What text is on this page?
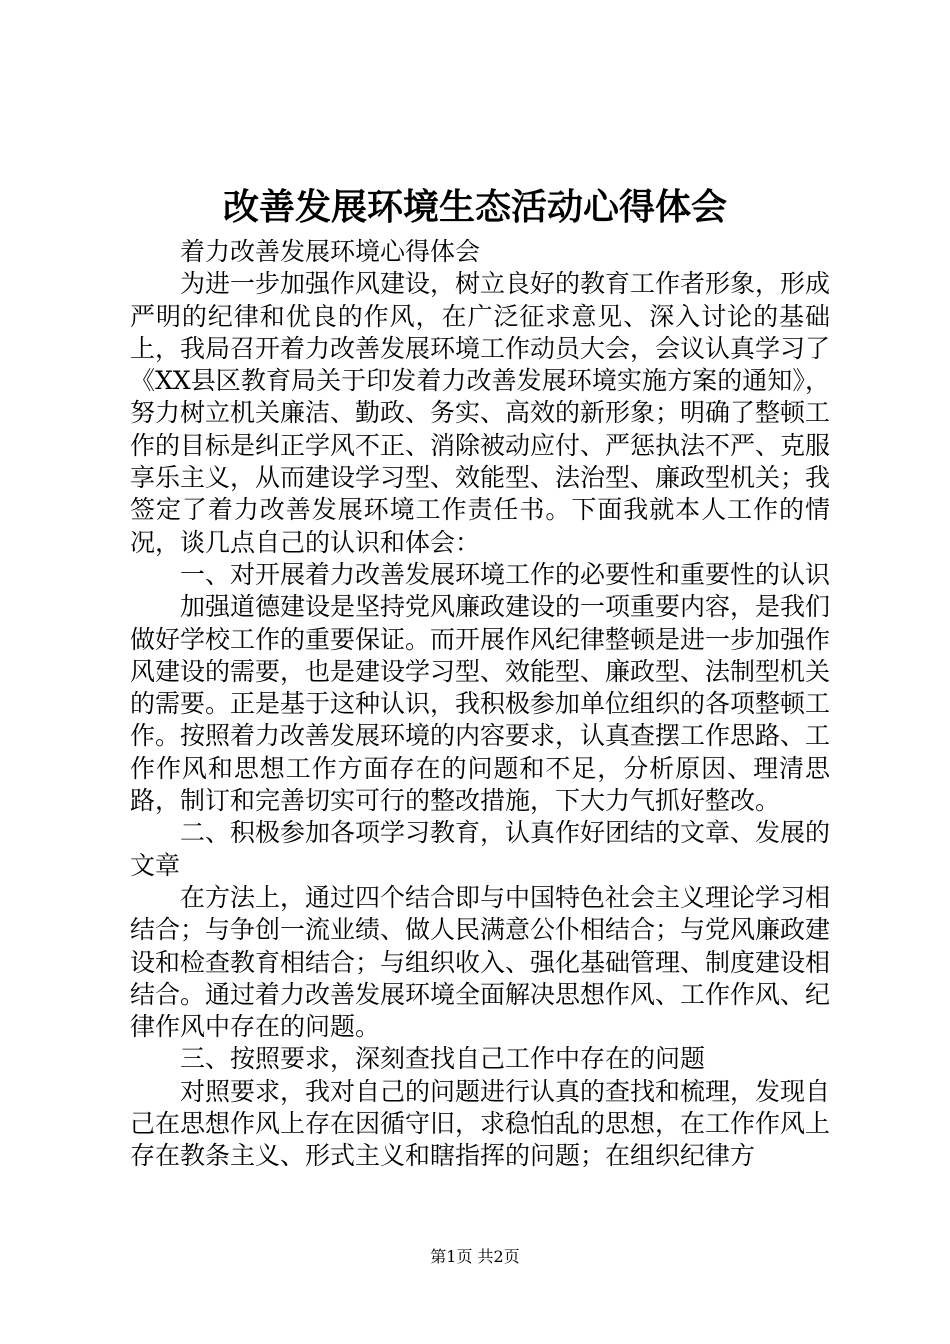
改善发展环境生态活动心得体会

着力改善发展环境心得体会

为进一步加强作风建设，树立良好的教育工作者形象，形成严明的纪律和优良的作风，在广泛征求意见、深入讨论的基础上，我局召开着力改善发展环境工作动员大会，会议认真学习了《XX县区教育局关于印发着力改善发展环境实施方案的通知》，努力树立机关廉洁、勤政、务实、高效的新形象；明确了整顿工作的目标是纠正学风不正、消除被动应付、严惩执法不严、克服享乐主义，从而建设学习型、效能型、法治型、廉政型机关；我签定了着力改善发展环境工作责任书。下面我就本人工作的情况，谈几点自己的认识和体会：

一、对开展着力改善发展环境工作的必要性和重要性的认识

加强道德建设是坚持党风廉政建设的一项重要内容，是我们做好学校工作的重要保证。而开展作风纪律整顿是进一步加强作风建设的需要，也是建设学习型、效能型、廉政型、法制型机关的需要。正是基于这种认识，我积极参加单位组织的各项整顿工作。按照着力改善发展环境的内容要求，认真查摆工作思路、工作作风和思想工作方面存在的问题和不足，分析原因、理清思路，制订和完善切实可行的整改措施，下大力气抓好整改。

二、积极参加各项学习教育，认真作好团结的文章、发展的文章

在方法上，通过四个结合即与中国特色社会主义理论学习相结合；与争创一流业绩、做人民满意公仆相结合；与党风廉政建设和检查教育相结合；与组织收入、强化基础管理、制度建设相结合。通过着力改善发展环境全面解决思想作风、工作作风、纪律作风中存在的问题。

三、按照要求，深刻查找自己工作中存在的问题

对照要求，我对自己的问题进行认真的查找和梳理，发现自己在思想作风上存在因循守旧，求稳怕乱的思想，在工作作风上存在教条主义、形式主义和瞎指挥的问题；在组织纪律方

第1页 共2页
